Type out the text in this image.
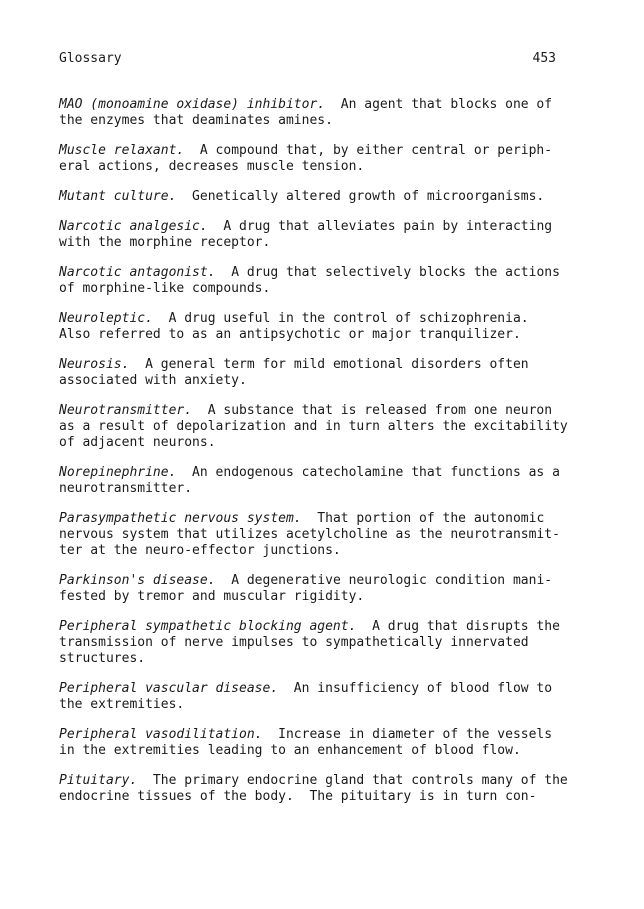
Glossary	453

MAO (monoamine oxidase) inhibitor.  An agent that blocks one of

the enzymes that deaminates amines.

Muscle relaxant.  A compound that, by either central or periph-

eral actions, decreases muscle tension.

Mutant culture.  Genetically altered growth of microorganisms.

Narcotic analgesic.  A drug that alleviates pain by interacting

with the morphine receptor.

Narcotic antagonist.  A drug that selectively blocks the actions

of morphine-like compounds.

Neuroleptic.  A drug useful in the control of schizophrenia.

Also referred to as an antipsychotic or major tranquilizer.

Neurosis.  A general term for mild emotional disorders often

associated with anxiety.

Neurotransmitter.  A substance that is released from one neuron

as a result of depolarization and in turn alters the excitability

of adjacent neurons.

Norepinephrine.  An endogenous catecholamine that functions as a

neurotransmitter.

Parasympathetic nervous system.  That portion of the autonomic

nervous system that utilizes acetylcholine as the neurotransmit-

ter at the neuro-effector junctions.

Parkinson's disease.  A degenerative neurologic condition mani-

fested by tremor and muscular rigidity.

Peripheral sympathetic blocking agent.  A drug that disrupts the

transmission of nerve impulses to sympathetically innervated

structures.

Peripheral vascular disease.  An insufficiency of blood flow to

the extremities.

Peripheral vasodilitation.  Increase in diameter of the vessels

in the extremities leading to an enhancement of blood flow.

Pituitary.  The primary endocrine gland that controls many of the

endocrine tissues of the body.  The pituitary is in turn con-
